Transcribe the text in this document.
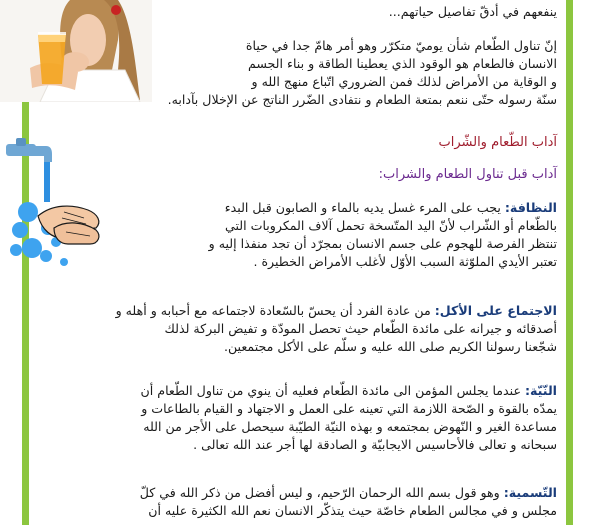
ينفعهم في أدقّ تفاصيل حياتهم...

إنّ تناول الطّعام شأن يوميّ متكرّر وهو أمر هامّ جدا في حياة

الانسان فالطعام هو الوقود الذي يعطينا الطاقة و بناء الجسم

و الوقاية من الأمراض لذلك فمن الضروري اتّباع منهج الله و

سنّة رسوله حتّى ننعم بمتعة الطعام و نتفادى الضّرر الناتج عن الإخلال بآدابه.

آداب الطّعام والشّراب

آداب قبل تناول الطعام والشراب:

النظافة: يجب على المرء غسل يديه بالماء و الصابون قبل البدء

بالطّعام أو الشّراب لأنّ اليد المتّسخة تحمل آلاف المكروبات التي

تنتظر الفرصة للهجوم على جسم الانسان بمجرّد أن تجد منفذا إليه و

تعتبر الأيدي الملوّثة السبب الأوّل لأغلب الأمراض الخطيرة .

الاجتماع على الأكل: من عادة الفرد أن يحسّ بالسّعادة لاجتماعه مع أحبابه و أهله و

أصدقائه و جيرانه على مائدة الطّعام حيث تحصل المودّة و تفيض البركة لذلك

شجّعنا رسولنا الكريم صلى الله عليه و سلّم على الأكل مجتمعين.

النّيّة: عندما يجلس المؤمن الى مائدة الطّعام فعليه أن ينوي من تناول الطّعام أن

يمدّه بالقوة و الصّحة اللازمة التي تعينه على العمل و الاجتهاد و القيام بالطاعات و

مساعدة الغير و النّهوض بمجتمعه و بهذه النيّة الطيّبة سيحصل على الأجر من الله

سبحانه و تعالى فالأحاسيس الايجابيّة و الصادقة لها أجر عند الله تعالى .

التّسمية: وهو قول بسم الله الرحمان الرّحيم، و ليس أفضل من ذكر الله في كلّ

مجلس و في مجالس الطعام خاصّة حيث يتذكّر الانسان نعم الله الكثيرة عليه أن
